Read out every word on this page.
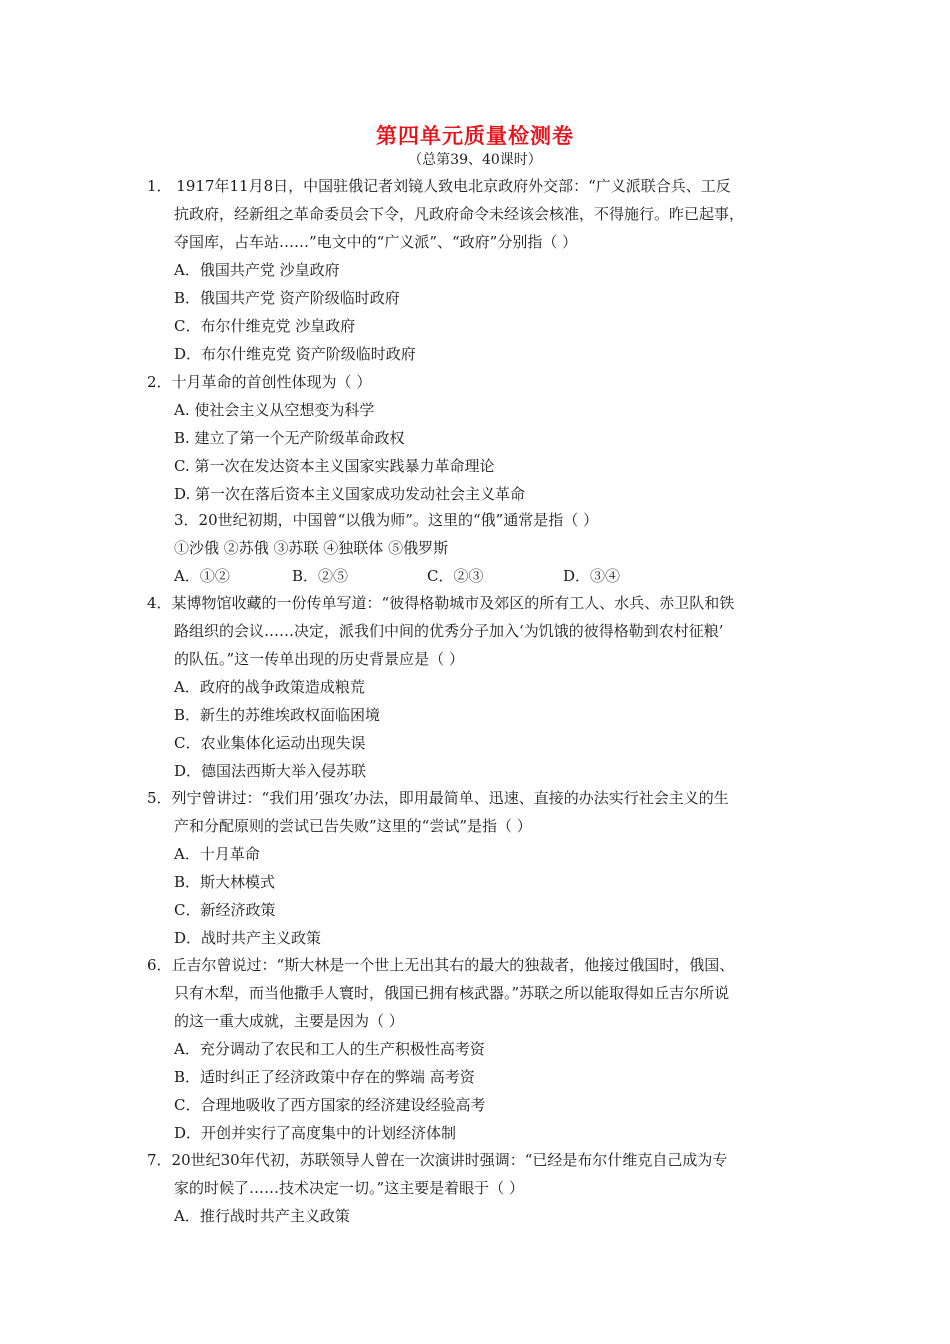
第四单元质量检测卷
（总第39、40课时）
1． 1917年11月8日，中国驻俄记者刘镜人致电北京政府外交部：“广义派联合兵、工反
抗政府，经新组之革命委员会下令，凡政府命令未经该会核准，不得施行。昨已起事，
夺国库，占车站……”电文中的“广义派”、“政府”分别指（ ）
A．俄国共产党 沙皇政府
B．俄国共产党 资产阶级临时政府
C．布尔什维克党 沙皇政府
D．布尔什维克党 资产阶级临时政府
2．十月革命的首创性体现为（ ）
A. 使社会主义从空想变为科学
B. 建立了第一个无产阶级革命政权
C. 第一次在发达资本主义国家实践暴力革命理论
D. 第一次在落后资本主义国家成功发动社会主义革命
3．20世纪初期，中国曾“以俄为师”。这里的“俄”通常是指（ ）
①沙俄 ②苏俄 ③苏联 ④独联体 ⑤俄罗斯
A．①②	B．②⑤	C．②③	D．③④
4．某博物馆收藏的一份传单写道：“彼得格勒城市及郊区的所有工人、水兵、赤卫队和铁
路组织的会议……决定，派我们中间的优秀分子加入‘为饥饿的彼得格勒到农村征粮’
的队伍。”这一传单出现的历史背景应是（ ）
A．政府的战争政策造成粮荒
B．新生的苏维埃政权面临困境
C．农业集体化运动出现失误
D．德国法西斯大举入侵苏联
5．列宁曾讲过：“我们用’强攻’办法，即用最简单、迅速、直接的办法实行社会主义的生
产和分配原则的尝试已告失败”这里的“尝试”是指（ ）
A．十月革命
B．斯大林模式
C．新经济政策
D．战时共产主义政策
6．丘吉尔曾说过：“斯大林是一个世上无出其右的最大的独裁者，他接过俄国时，俄国、
只有木犁，而当他撒手人寰时，俄国已拥有核武器。”苏联之所以能取得如丘吉尔所说
的这一重大成就，主要是因为（ ）
A．充分调动了农民和工人的生产积极性高考资
B．适时纠正了经济政策中存在的弊端 高考资
C．合理地吸收了西方国家的经济建设经验高考
D．开创并实行了高度集中的计划经济体制
7．20世纪30年代初，苏联领导人曾在一次演讲时强调：“已经是布尔什维克自己成为专
家的时候了……技术决定一切。”这主要是着眼于（ ）
A．推行战时共产主义政策
